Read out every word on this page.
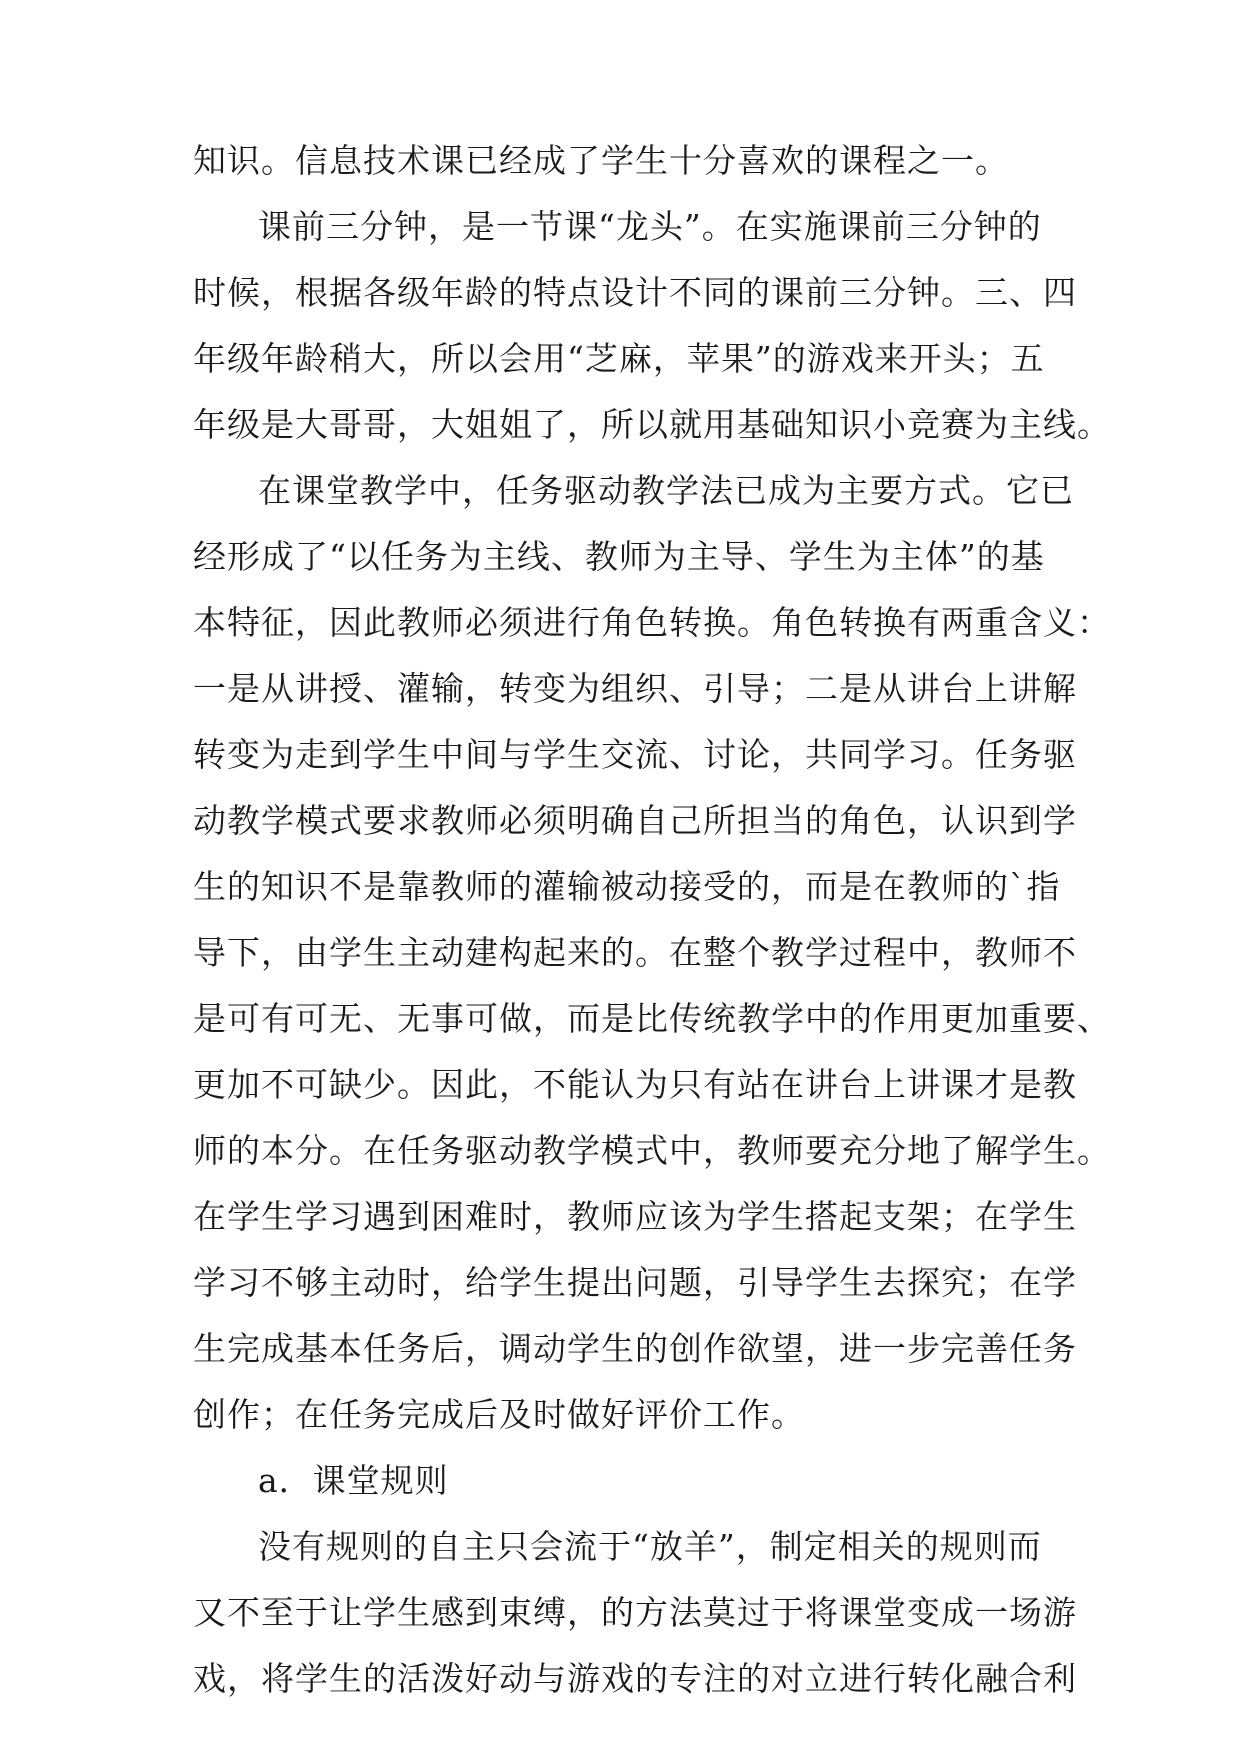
知识。信息技术课已经成了学生十分喜欢的课程之一。
课前三分钟，是一节课“龙头”。在实施课前三分钟的
时候，根据各级年龄的特点设计不同的课前三分钟。三、四
年级年龄稍大，所以会用“芝麻，苹果”的游戏来开头；五
年级是大哥哥，大姐姐了，所以就用基础知识小竞赛为主线。
在课堂教学中，任务驱动教学法已成为主要方式。它已
经形成了“以任务为主线、教师为主导、学生为主体”的基
本特征，因此教师必须进行角色转换。角色转换有两重含义：
一是从讲授、灌输，转变为组织、引导；二是从讲台上讲解
转变为走到学生中间与学生交流、讨论，共同学习。任务驱
动教学模式要求教师必须明确自己所担当的角色，认识到学
生的知识不是靠教师的灌输被动接受的，而是在教师的`指
导下，由学生主动建构起来的。在整个教学过程中，教师不
是可有可无、无事可做，而是比传统教学中的作用更加重要、
更加不可缺少。因此，不能认为只有站在讲台上讲课才是教
师的本分。在任务驱动教学模式中，教师要充分地了解学生。
在学生学习遇到困难时，教师应该为学生搭起支架；在学生
学习不够主动时，给学生提出问题，引导学生去探究；在学
生完成基本任务后，调动学生的创作欲望，进一步完善任务
创作；在任务完成后及时做好评价工作。
a．课堂规则
没有规则的自主只会流于“放羊”，制定相关的规则而
又不至于让学生感到束缚，的方法莫过于将课堂变成一场游
戏，将学生的活泼好动与游戏的专注的对立进行转化融合利
